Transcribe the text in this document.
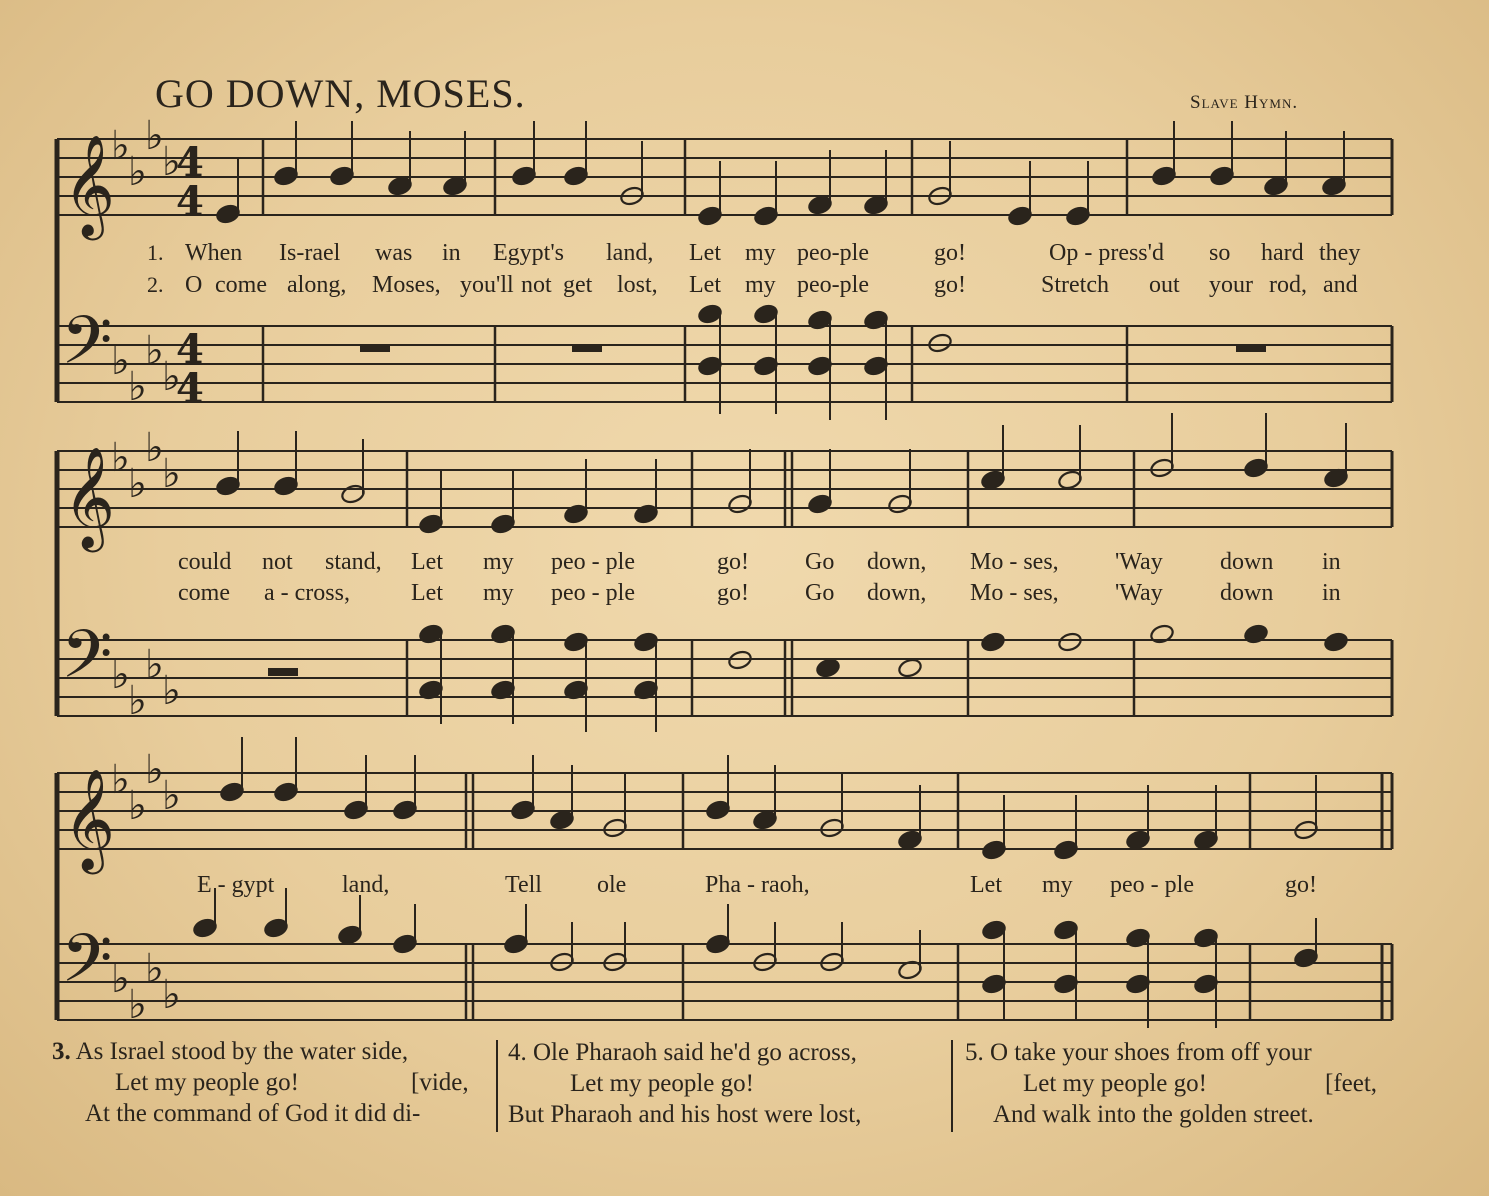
GO DOWN, MOSES.	Slave Hymn.
𝄞
𝄢
♭
♭
♭
♭
♭
♭
♭
♭
4
4
4
4
𝄞
𝄢
♭
♭
♭
♭
♭
♭
♭
♭
𝄞
𝄢
♭
♭
♭
♭
♭
♭
♭
♭
1. When Is-rael was in Egypt's land, Let my peo-ple	go!	Op - press'd so hard they
2. O come along, Moses, you'll not get lost, Let my peo-ple	go!	Stretch out your rod, and
could not stand, Let my peo - ple	go! Go down, Mo - ses, 'Way down in
come a - cross,	Let my peo - ple	go! Go down, Mo - ses, 'Way down in
E - gypt	land,	Tell ole	Pha - raoh,	Let my peo - ple	go!
3. As Israel stood by the water side,
Let my people go!	[vide,
At the command of God it did di-
4. Ole Pharaoh said he'd go across,
Let my people go!
But Pharaoh and his host were lost,
5. O take your shoes from off your
Let my people go!	[feet,
And walk into the golden street.
